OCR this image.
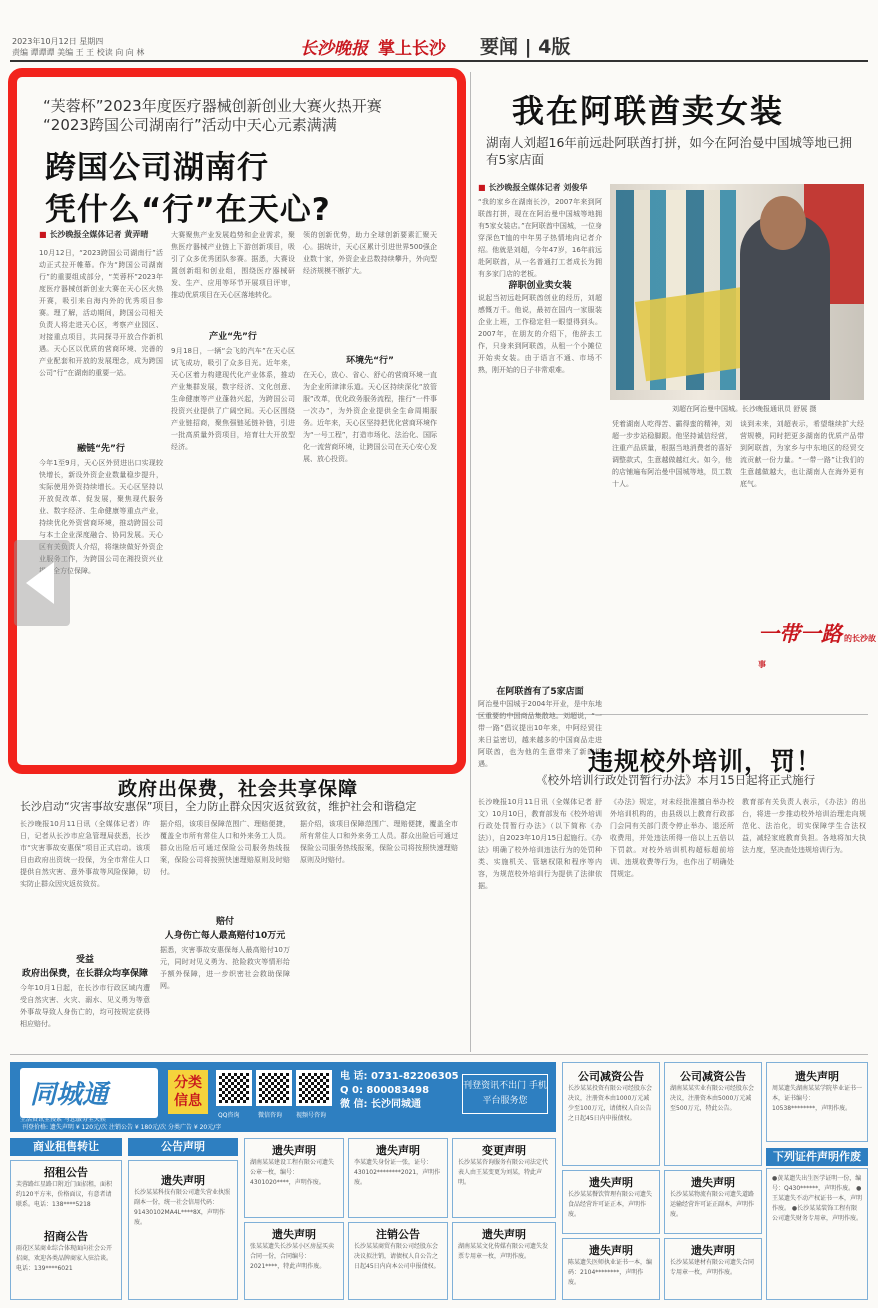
2023年10月12日 星期四
责编 谭谭谭 美编 王 王 校读 向 向 林	长沙晚报 掌上长沙 要闻 | 4版
政府出保费，社会共享保障
长沙启动“灾害事故安惠保”项目，全力防止群众因灾返贫致贫，维护社会和谐稳定
长沙晚报10月11日讯（全媒体记者）昨日，记者从长沙市应急管理局获悉，长沙市“灾害事故安惠保”项目正式启动。该项目由政府出资统一投保，为全市常住人口提供自然灾害、意外事故等风险保障，切实防止群众因灾返贫致贫。
受益
政府出保费，在长群众均享保障
今年10月1日起，在长沙市行政区域内遭受自然灾害、火灾、溺水、见义勇为等意外事故导致人身伤亡的，均可按规定获得相应赔付。
据介绍，该项目保障范围广、理赔便捷，覆盖全市所有常住人口和外来务工人员。群众出险后可通过保险公司服务热线报案，保险公司将按照快速理赔原则及时赔付。
赔付
人身伤亡每人最高赔付10万元
据悉，灾害事故安惠保每人最高赔付10万元，同时对见义勇为、抢险救灾等情形给予额外保障，进一步织密社会救助保障网。
据介绍，该项目保障范围广、理赔便捷，覆盖全市所有常住人口和外来务工人员。群众出险后可通过保险公司服务热线报案，保险公司将按照快速理赔原则及时赔付。
“芙蓉杯”2023年度医疗器械创新创业大赛火热开赛
“2023跨国公司湖南行”活动中天心元素满满
跨国公司湖南行
凭什么“行”在天心?
■ 长沙晚报全媒体记者 黄弄晴
10月12日，“2023跨国公司湖南行”活动正式拉开帷幕。作为“跨国公司湖南行”的重要组成部分，“芙蓉杯”2023年度医疗器械创新创业大赛在天心区火热开赛，吸引来自海内外的优秀项目参赛。理了解，活动期间，跨国公司相关负责人将走进天心区，考察产业园区、对接重点项目，共同探寻开放合作新机遇。天心区以优质的营商环境、完善的产业配套和开放的发展理念，成为跨国公司“行”在湖南的重要一站。
融链“先”行
今年1至9月，天心区外贸进出口实现较快增长，新设外资企业数量稳步提升，实际使用外资持续增长。天心区坚持以开放促改革、促发展，聚焦现代服务业、数字经济、生命健康等重点产业，持续优化外资营商环境，推动跨国公司与本土企业深度融合、协同发展。天心区有关负责人介绍，将继续做好外资企业服务工作，为跨国公司在湘投资兴业提供全方位保障。
大赛聚焦产业发展趋势和企业需求，聚焦医疗器械产业链上下游创新项目，吸引了众多优秀团队参赛。据悉，大赛设置创新组和创业组，围绕医疗器械研发、生产、应用等环节开展项目评审，推动优质项目在天心区落地转化。
产业“先”行
9月18日，一辆“会飞的汽车”在天心区试飞成功，吸引了众多目光。近年来，天心区着力构建现代化产业体系，推动产业集群发展，数字经济、文化创意、生命健康等产业蓬勃兴起，为跨国公司投资兴业提供了广阔空间。天心区围绕产业链招商，聚焦强链延链补链，引进一批高质量外资项目，培育壮大开放型经济。
领的创新优势，助力全球创新要素汇聚天心。据统计，天心区累计引进世界500强企业数十家，外资企业总数持续攀升，外向型经济规模不断扩大。
环境先“行”
在天心，放心、省心、舒心的营商环境一直为企业所津津乐道。天心区持续深化“放管服”改革，优化政务服务流程，推行“一件事一次办”，为外资企业提供全生命周期服务。近年来，天心区坚持把优化营商环境作为“一号工程”，打造市场化、法治化、国际化一流营商环境，让跨国公司在天心安心发展、放心投资。
我在阿联酋卖女装
湖南人刘超16年前远赴阿联酋打拼，如今在阿治曼中国城等地已拥有5家店面
■ 长沙晚报全媒体记者 刘俊华
“我的家乡在湖南长沙，2007年来到阿联酋打拼，现在在阿治曼中国城等地拥有5家女装店。”在阿联酋中国城，一位身穿深色T恤的中年男子热情地向记者介绍。他就是刘超，今年47岁，16年前远赴阿联酋，从一名普通打工者成长为拥有多家门店的老板。
辞职创业卖女装
说起当初远赴阿联酋创业的经历，刘超感慨万千。他说，最初在国内一家服装企业上班，工作稳定但一眼望得到头。2007年，在朋友的介绍下，他辞去工作，只身来到阿联酋，从租一个小摊位开始卖女装。由于语言不通、市场不熟，刚开始的日子非常艰难。
在阿联酋有了5家店面
阿治曼中国城于2004年开业，是中东地区重要的中国商品集散地。刘超说，“一带一路”倡议提出10年来，中阿经贸往来日益密切，越来越多的中国商品走进阿联酋，也为他的生意带来了新的机遇。
刘超在阿治曼中国城。长沙晚报通讯员 舒展 摄
凭着湖南人吃得苦、霸得蛮的精神，刘超一步步站稳脚跟。他坚持诚信经营，注重产品质量，根据当地消费者的喜好调整款式，生意越做越红火。如今，他的店铺遍布阿治曼中国城等地，员工数十人。
谈到未来，刘超表示，希望继续扩大经营规模，同时把更多湖南的优质产品带到阿联酋，为家乡与中东地区的经贸交流贡献一份力量。“一带一路”让我们的生意越做越大，也让湖南人在海外更有底气。
一带一路 的长沙故事
违规校外培训，罚！
《校外培训行政处罚暂行办法》本月15日起将正式施行
长沙晚报10月11日讯（全媒体记者 舒文）10月10日，教育部发布《校外培训行政处罚暂行办法》（以下简称《办法》），自2023年10月15日起施行。《办法》明确了校外培训违法行为的处罚种类、实施机关、管辖权限和程序等内容，为规范校外培训行为提供了法律依据。
《办法》规定，对未经批准擅自举办校外培训机构的，由县级以上教育行政部门会同有关部门责令停止举办、退还所收费用，并处违法所得一倍以上五倍以下罚款。对校外培训机构超标超前培训、违规收费等行为，也作出了明确处罚规定。
教育部有关负责人表示，《办法》的出台，将进一步推动校外培训治理走向规范化、法治化，切实保障学生合法权益，减轻家庭教育负担。各地将加大执法力度，坚决查处违规培训行为。
同城通
生活资讯全搜索 与您服务全天候
分类信息
QQ咨询	微信咨询 视频号咨询
电 话: 0731-82206305
Q 0: 800083498
微 信: 长沙同城通
刊登资讯不出门 手机平台服务您
刊登价格: 遗失声明 ¥ 120元/次 注销公告 ¥ 180元/次 分类广告 ¥ 20元/字
商业租售转让	公告声明
招租公告
芙蓉路红星路口附近门面招租，面积约120平方米，价格面议，有意者请联系。电话：138****5218
招商公告
雨花区某商业综合体现面向社会公开招商，欢迎各类品牌商家入驻洽谈。电话：139****6021
遗失声明
长沙某某科技有限公司遗失营业执照副本一份，统一社会信用代码：91430102MA4L****8X，声明作废。
遗失声明
湖南某某建设工程有限公司遗失公章一枚，编号：4301020****，声明作废。
遗失声明
张某某遗失长沙某小区房屋买卖合同一份，合同编号：2021****，特此声明作废。
遗失声明
李某遗失身份证一张，证号：430102********2021，声明作废。
注销公告
长沙某某商贸有限公司经股东会决议拟注销，请债权人自公告之日起45日内向本公司申报债权。
变更声明
长沙某某咨询服务有限公司法定代表人由王某变更为刘某，特此声明。
遗失声明
湖南某某文化传媒有限公司遗失发票专用章一枚，声明作废。
公司减资公告
长沙某某投资有限公司经股东会决议，注册资本由1000万元减少至100万元，请债权人自公告之日起45日内申报债权。
遗失声明
长沙某某餐饮管理有限公司遗失食品经营许可证正本，声明作废。
遗失声明
陈某遗失医师执业证书一本，编码：2104********，声明作废。
公司减资公告
湖南某某实业有限公司经股东会决议，注册资本由5000万元减至500万元，特此公告。
遗失声明
长沙某某物流有限公司遗失道路运输经营许可证正副本，声明作废。
遗失声明
长沙某某建材有限公司遗失合同专用章一枚，声明作废。
遗失声明
周某遗失湖南某某学院毕业证书一本，证书编号：10538********，声明作废。
下列证件声明作废
●黄某遗失出生医学证明一份，编号：Q430******，声明作废。 ●王某遗失不动产权证书一本，声明作废。 ●长沙某某装饰工程有限公司遗失财务专用章，声明作废。
